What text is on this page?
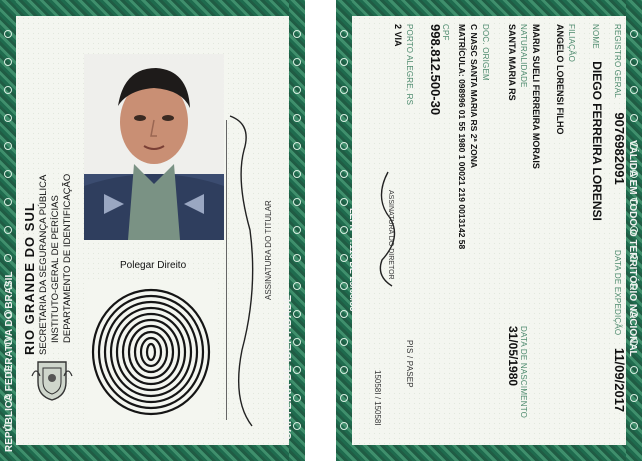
REPÚBLICA FEDERATIVA DO BRASIL RIO GRANDE DO SUL SECRETARIA DA SEGURANÇA PÚBLICA INSTITUTO-GERAL DE PERÍCIAS DEPARTAMENTO DE IDENTIFICAÇÃO	Polegar Direito	ASSINATURA DO TITULAR
CARTEIRA DE IDENTIDADE
VÁLIDA EM TODO O TERRITÓRIO NACIONAL
REGISTRO GERAL 9076982091
DATA DE EXPEDIÇÃO 11/09/2017
NOME DIEGO FERREIRA LORENSI
FILIAÇÃO
ANGELO LORENSI FILHO
MARIA SUELI FERREIRA MORAIS
NATURALIDADE
SANTA MARIA RS
DATA DE NASCIMENTO
31/05/1980
DOC. ORIGEM
C NASC SANTA MARIA RS 2ª ZONA
MATRÍCULA: 098996 01 55 1980 1 00021 219 0013142 58
CPF
998.812.500-30
PIS / PASEP
PORTO ALEGRE, RS
2 VIA
ASSINATURA DO DIRETOR
LEI Nº 7.116 DE 29/08/83
15058I / 15058I
